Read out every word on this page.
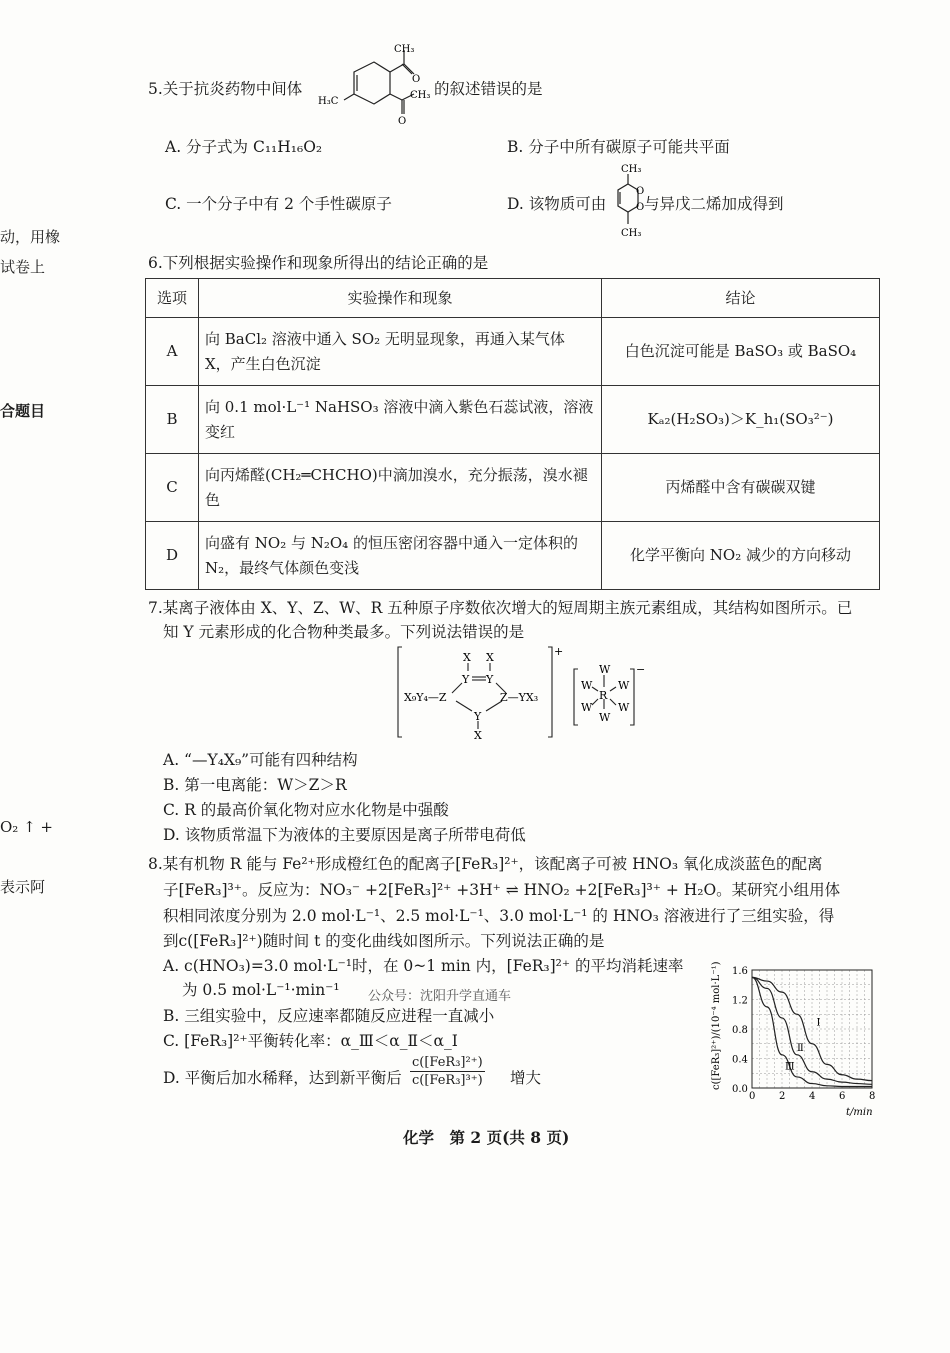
动，用橡
试卷上
合题目
O₂ ↑ +
表示阿
5.关于抗炎药物中间体
CH₃
CH₃
H₃C
O
O
的叙述错误的是
A. 分子式为 C₁₁H₁₆O₂	B. 分子中所有碳原子可能共平面
C. 一个分子中有 2 个手性碳原子	D. 该物质可由
CH₃
O
O
CH₃
与异戊二烯加成得到
6.下列根据实验操作和现象所得出的结论正确的是
选项	实验操作和现象	结论
A	向 BaCl₂ 溶液中通入 SO₂ 无明显现象，再通入某气体 X，产生白色沉淀	白色沉淀可能是 BaSO₃ 或 BaSO₄
B	向 0.1 mol·L⁻¹ NaHSO₃ 溶液中滴入紫色石蕊试液，溶液变红	Kₐ₂(H₂SO₃)＞K_h₁(SO₃²⁻)
C	向丙烯醛(CH₂═CHCHO)中滴加溴水，充分振荡，溴水褪色	丙烯醛中含有碳碳双键
D	向盛有 NO₂ 与 N₂O₄ 的恒压密闭容器中通入一定体积的 N₂，最终气体颜色变浅	化学平衡向 NO₂ 减少的方向移动
7.某离子液体由 X、Y、Z、W、R 五种原子序数依次增大的短周期主族元素组成，其结构如图所示。已
知 Y 元素形成的化合物种类最多。下列说法错误的是
X X
Y Y
X₉Y₄—Z	Z—YX₃
Y
X
+
W
W W
R
W W
W
−
A. “—Y₄X₉”可能有四种结构
B. 第一电离能：W＞Z＞R
C. R 的最高价氧化物对应水化物是中强酸
D. 该物质常温下为液体的主要原因是离子所带电荷低
8.某有机物 R 能与 Fe²⁺形成橙红色的配离子[FeR₃]²⁺，该配离子可被 HNO₃ 氧化成淡蓝色的配离
子[FeR₃]³⁺。反应为：NO₃⁻ +2[FeR₃]²⁺ +3H⁺ ⇌ HNO₂ +2[FeR₃]³⁺ + H₂O。某研究小组用体
积相同浓度分别为 2.0 mol·L⁻¹、2.5 mol·L⁻¹、3.0 mol·L⁻¹ 的 HNO₃ 溶液进行了三组实验，得
到c([FeR₃]²⁺)随时间 t 的变化曲线如图所示。下列说法正确的是
A. c(HNO₃)=3.0 mol·L⁻¹时，在 0~1 min 内，[FeR₃]²⁺ 的平均消耗速率
为 0.5 mol·L⁻¹·min⁻¹ 公众号：沈阳升学直通车
B. 三组实验中，反应速率都随反应进程一直减小
C. [FeR₃]²⁺平衡转化率：α_Ⅲ＜α_Ⅱ＜α_Ⅰ
D. 平衡后加水稀释，达到新平衡后
c([FeR₃]²⁺)
c([FeR₃]³⁺) 增大
Ⅰ
Ⅱ
Ⅲ
0 2 4 6 8
0.0
0.4
0.8
1.2
1.6
c([FeR₃]²⁺)/(10⁻⁴ mol·L⁻¹)
t/min
化学　第 2 页(共 8 页)
